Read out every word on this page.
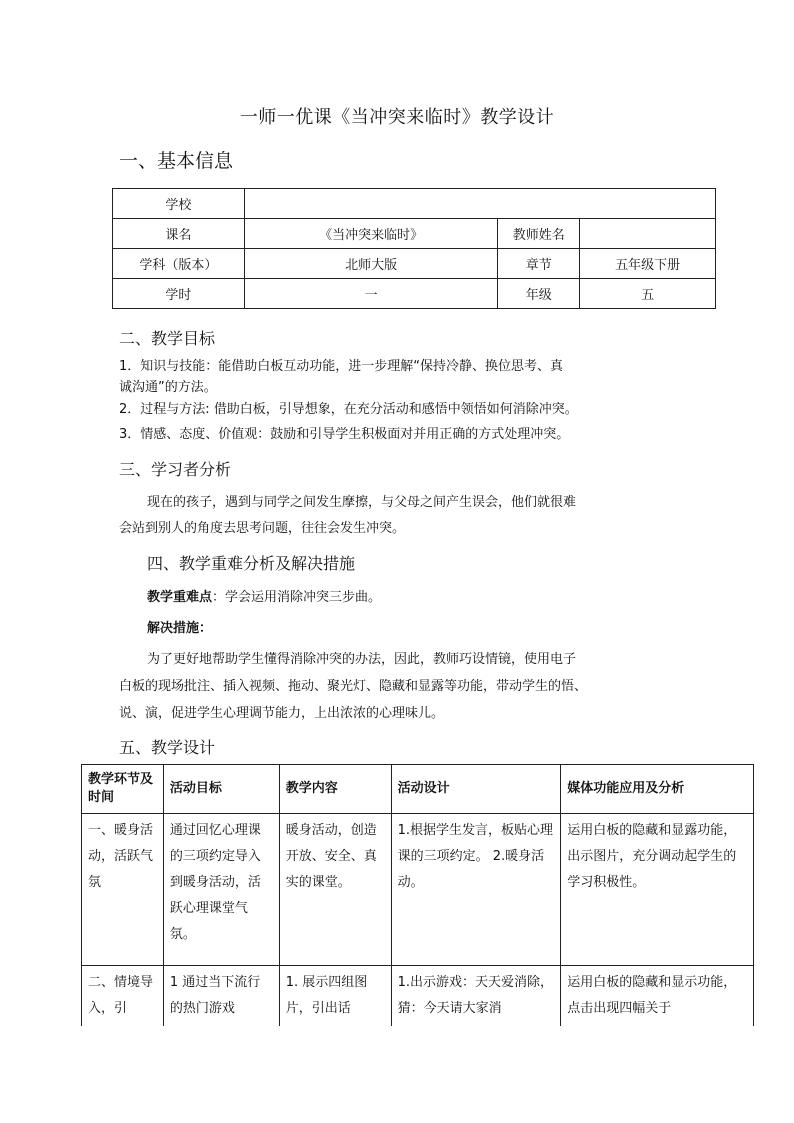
一师一优课《当冲突来临时》教学设计
一、基本信息
学校			
课名	《当冲突来临时》	教师姓名	
学科（版本）	北师大版	章节	五年级下册
学时	一	年级	五
二、教学目标
1．知识与技能：能借助白板互动功能，进一步理解“保持冷静、换位思考、真
诚沟通”的方法。
2．过程与方法: 借助白板，引导想象，在充分活动和感悟中领悟如何消除冲突。
3．情感、态度、价值观：鼓励和引导学生积极面对并用正确的方式处理冲突。
三、学习者分析
现在的孩子，遇到与同学之间发生摩擦，与父母之间产生误会，他们就很难
会站到别人的角度去思考问题，往往会发生冲突。
四、教学重难分析及解决措施
教学重难点：学会运用消除冲突三步曲。
解决措施：
为了更好地帮助学生懂得消除冲突的办法，因此，教师巧设情镜，使用电子
白板的现场批注、插入视频、拖动、聚光灯、隐藏和显露等功能，带动学生的悟、
说、演，促进学生心理调节能力，上出浓浓的心理味儿。
五、教学设计
教学环节及时间	活动目标	教学内容	活动设计	媒体功能应用及分析
一、暖身活动，活跃气氛	通过回忆心理课的三项约定导入到暖身活动，活跃心理课堂气氛。	暖身活动，创造开放、安全、真实的课堂。	1.根据学生发言，板贴心理课的三项约定。 2.暖身活动。	运用白板的隐藏和显露功能，出示图片，充分调动起学生的学习积极性。
二、情境导入，引	1 通过当下流行的热门游戏	1. 展示四组图片，引出话	1.出示游戏：天天爱消除，猜：今天请大家消	运用白板的隐藏和显示功能，点击出现四幅关于
